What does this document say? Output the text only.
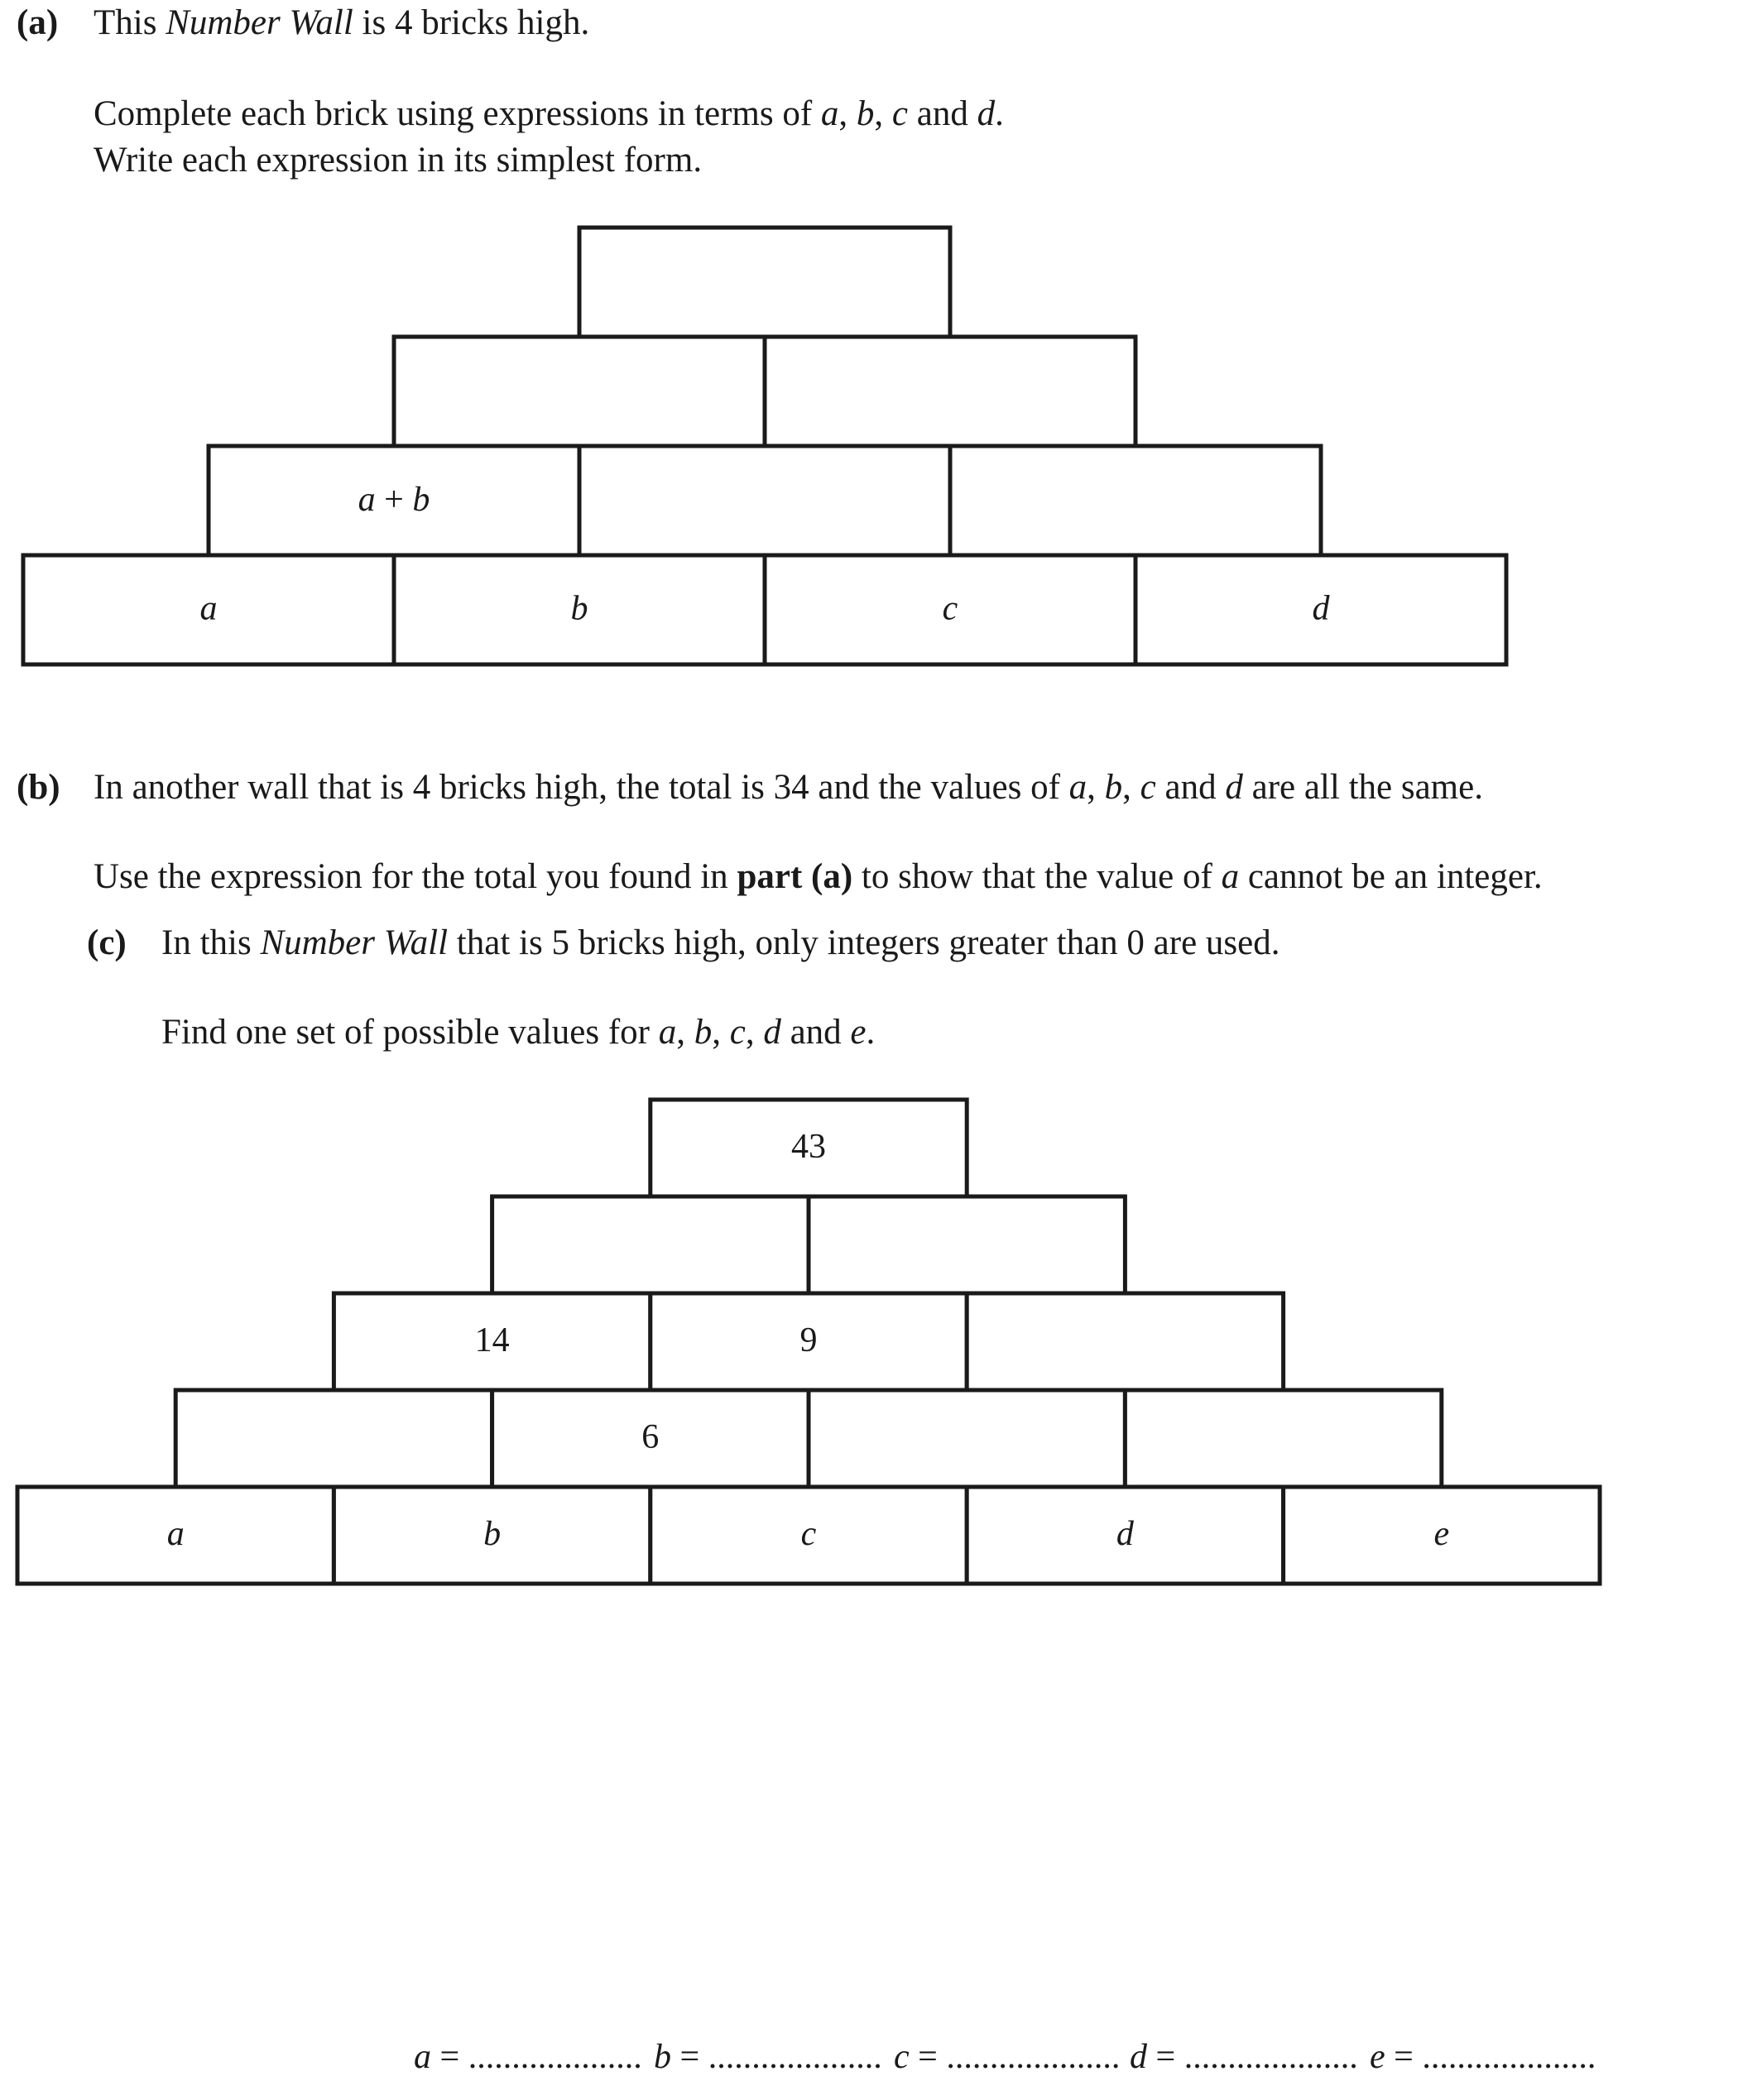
(a) This Number Wall is 4 bricks high.
Complete each brick using expressions in terms of a, b, c and d.
Write each expression in its simplest form.
(b) In another wall that is 4 bricks high, the total is 34 and the values of a, b, c and d are all the same.
Use the expression for the total you found in part (a) to show that the value of a cannot be an integer.
(c) In this Number Wall that is 5 bricks high, only integers greater than 0 are used.
Find one set of possible values for a, b, c, d and e.
a	b	c	d
a + b
a	b	c	d	e
6
14	9
43
a = .................... b = .................... c = .................... d = .................... e = ....................
